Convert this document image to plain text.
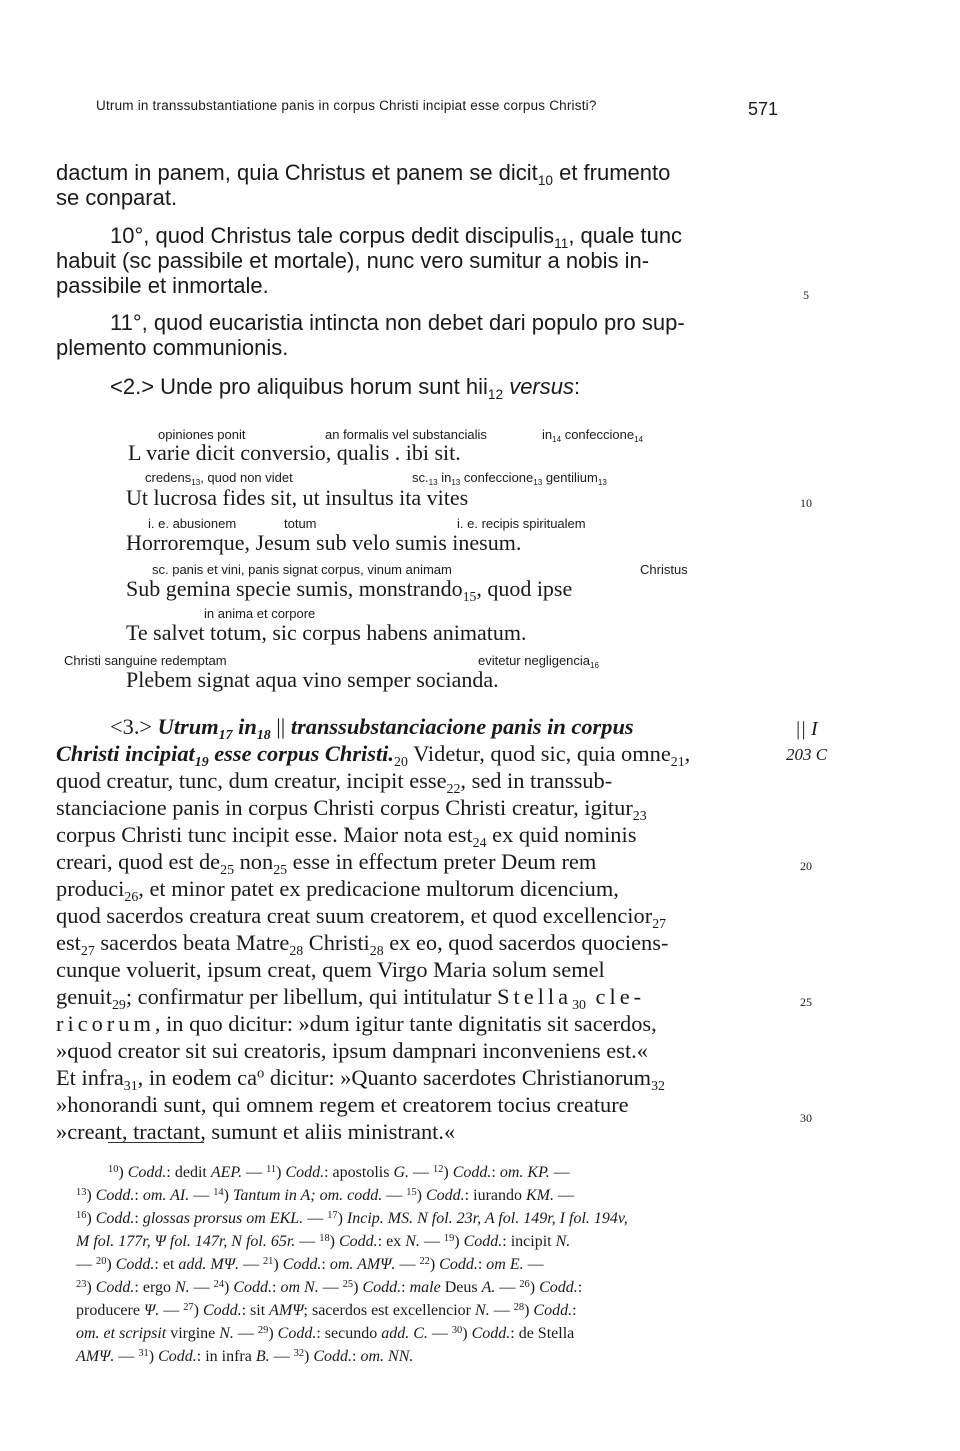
Utrum in transsubstantiatione panis in corpus Christi incipiat esse corpus Christi?	571
dactum in panem, quia Christus et panem se dicit$_{10}$ et frumento
se conparat.
10°, quod Christus tale corpus dedit discipulis$_{11}$, quale tunc
habuit (sc passibile et mortale), nunc vero sumitur a nobis in-
passibile et inmortale.
11°, quod eucaristia intincta non debet dari populo pro sup-
plemento communionis.
<2.> Unde pro aliquibus horum sunt hii$_{12}$ versus:
opiniones ponit	an formalis vel substancialis	$in_{14}$ confeccione$_{14}$
L varie dicit conversio, qualis . ibi sit.
credens$_{13}$, quod non videt	$sc._{13}$ $in_{13}$ confeccione$_{13}$ gentilium$_{13}$
Ut lucrosa fides sit, ut insultus ita vites
i. e. abusionem	totum	i. e. recipis spiritualem
Horroremque, Jesum sub velo sumis inesum.
sc. panis et vini, panis signat corpus, vinum animam	Christus
Sub gemina specie sumis, monstrando$_{15}$, quod ipse
in anima et corpore
Te salvet totum, sic corpus habens animatum.
Christi sanguine redemptam	evitetur negligencia$_{16}$
Plebem signat aqua vino semper socianda.
<3.> Utrum$_{17}$ $in_{18}$ || transsubstanciacione panis in corpus
Christi incipiat$_{19}$ esse corpus $Christi._{20}$ Videtur, quod sic, quia omne$_{21}$,
quod creatur, tunc, dum creatur, incipit esse$_{22}$, sed in transsub-
stanciacione panis in corpus Christi corpus Christi creatur, igitur$_{23}$
corpus Christi tunc incipit esse. Maior nota est$_{24}$ ex quid nominis
creari, quod est $de_{25}$ non$_{25}$ esse in effectum preter Deum rem
produci$_{26}$, et minor patet ex predicacione multorum dicencium,
quod sacerdos creatura creat suum creatorem, et quod excellencior$_{27}$
est$_{27}$ sacerdos beata Matre$_{28}$ Christi$_{28}$ ex eo, quod sacerdos quociens-
cunque voluerit, ipsum creat, quem Virgo Maria solum semel
genuit$_{29}$; confirmatur per libellum, qui intitulatur Stella$_{30}$ cle-
ricorum, in quo dicitur: »dum igitur tante dignitatis sit sacerdos,
»quod creator sit sui creatoris, ipsum dampnari inconveniens est.«
Et infra$_{31}$, in eodem $ca^o$ dicitur: »Quanto sacerdotes Christianorum$_{32}$
»honorandi sunt, qui omnem regem et creatorem tocius creature
»creant, tractant, sumunt et aliis ministrant.«
5
10
20
25
30
|| I
203 C
$^{10}$) Codd.: dedit AEP. — $^{11}$) Codd.: apostolis G. — $^{12}$) Codd.: om. KP. —
$^{13}$) Codd.: om. AI. — $^{14}$) Tantum in A; om. codd. — $^{15}$) Codd.: iurando KM. —
$^{16}$) Codd.: glossas prorsus om EKL. — $^{17}$) Incip. MS. N fol. 23r, A fol. 149r, I fol. 194v,
M fol. 177r, Ψ fol. 147r, N fol. 65r. — $^{18}$) Codd.: ex N. — $^{19}$) Codd.: incipit N.
— $^{20}$) Codd.: et add. MΨ. — $^{21}$) Codd.: om. AMΨ. — $^{22}$) Codd.: om E. —
$^{23}$) Codd.: ergo N. — $^{24}$) Codd.: om N. — $^{25}$) Codd.: male Deus A. — $^{26}$) Codd.:
producere Ψ. — $^{27}$) Codd.: sit AMΨ; sacerdos est excellencior N. — $^{28}$) Codd.:
om. et scripsit virgine N. — $^{29}$) Codd.: secundo add. C. — $^{30}$) Codd.: de Stella
AMΨ. — $^{31}$) Codd.: in infra B. — $^{32}$) Codd.: om. NN.
